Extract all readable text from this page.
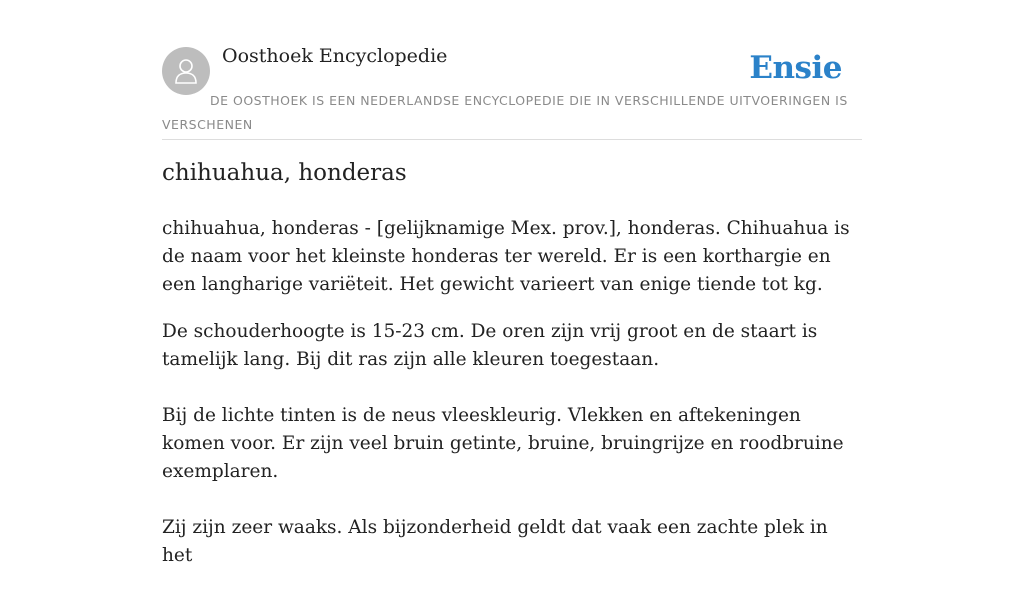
Oosthoek Encyclopedie	Ensie
DE OOSTHOEK IS EEN NEDERLANDSE ENCYCLOPEDIE DIE IN VERSCHILLENDE UITVOERINGEN IS VERSCHENEN
chihuahua, honderas

chihuahua, honderas - [gelijknamige Mex. prov.], honderas. Chihuahua is de naam voor het kleinste honderas ter wereld. Er is een korthargie en een langharige variëteit. Het gewicht varieert van enige tiende tot kg.

De schouderhoogte is 15-23 cm. De oren zijn vrij groot en de staart is tamelijk lang. Bij dit ras zijn alle kleuren toegestaan.

Bij de lichte tinten is de neus vleeskleurig. Vlekken en aftekeningen komen voor. Er zijn veel bruin getinte, bruine, bruingrijze en roodbruine exemplaren.

Zij zijn zeer waaks. Als bijzonderheid geldt dat vaak een zachte plek in het
